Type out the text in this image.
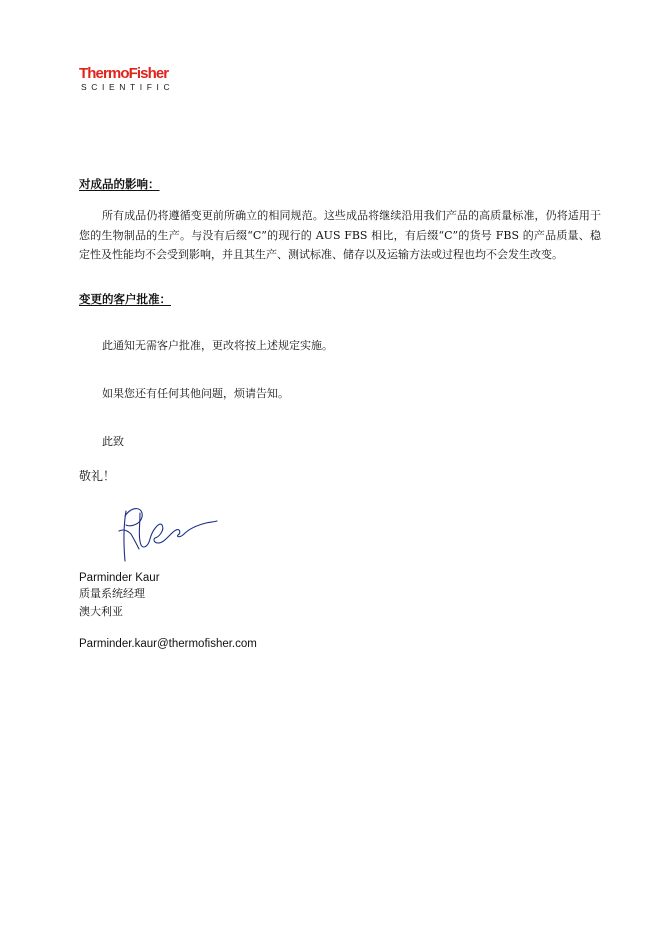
ThermoFisher
SCIENTIFIC
对成品的影响：
所有成品仍将遵循变更前所确立的相同规范。这些成品将继续沿用我们产品的高质量标准，仍将适用于您的生物制品的生产。与没有后缀“C”的现行的 AUS FBS 相比，有后缀“C”的货号 FBS 的产品质量、稳定性及性能均不会受到影响，并且其生产、测试标准、储存以及运输方法或过程也均不会发生改变。
变更的客户批准：
此通知无需客户批准，更改将按上述规定实施。
如果您还有任何其他问题，烦请告知。
此致
敬礼！
Parminder Kaur
质量系统经理
澳大利亚
Parminder.kaur@thermofisher.com
